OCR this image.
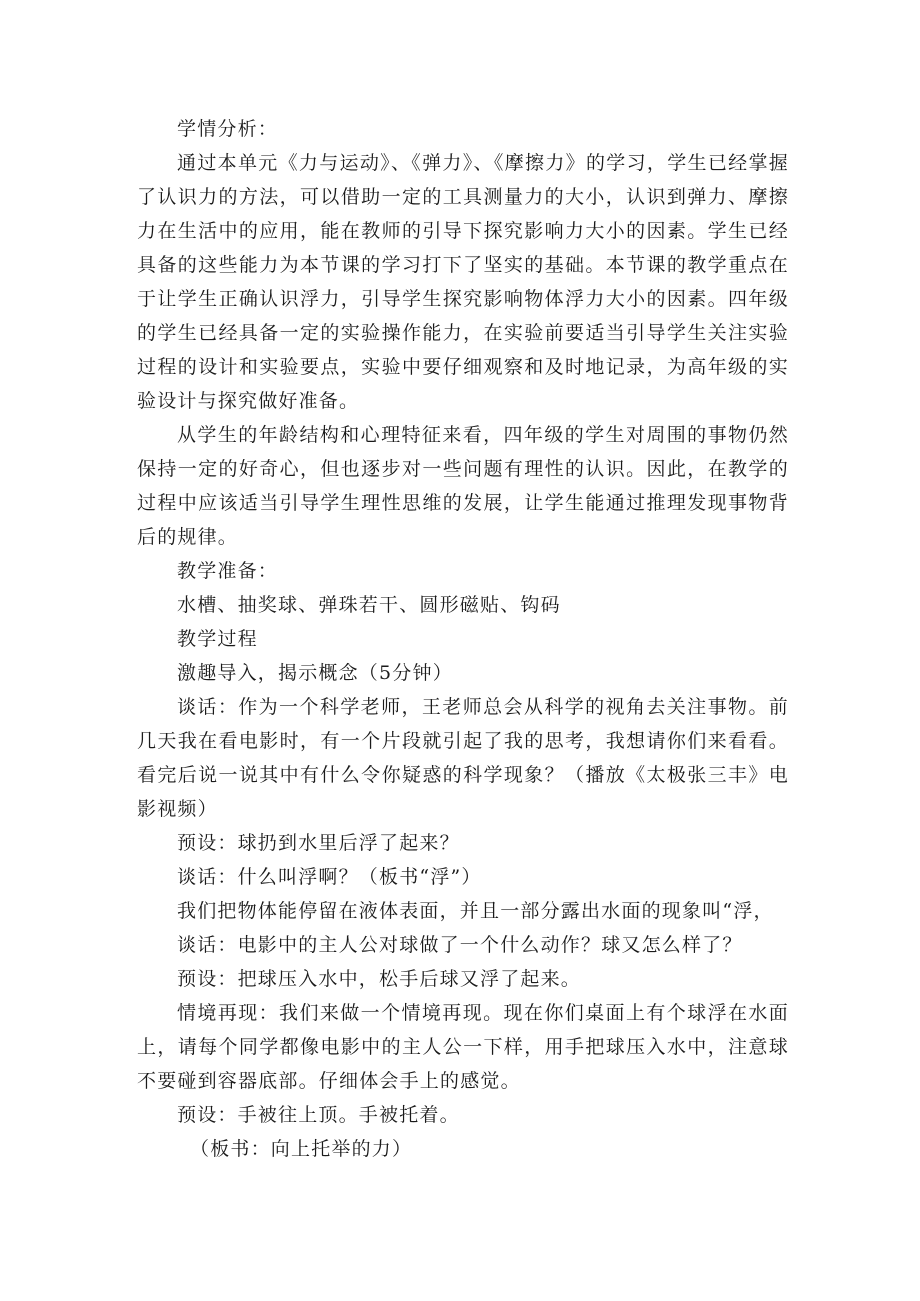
学情分析：

通过本单元《力与运动》、《弹力》、《摩擦力》的学习，学生已经掌握了认识力的方法，可以借助一定的工具测量力的大小，认识到弹力、摩擦力在生活中的应用，能在教师的引导下探究影响力大小的因素。学生已经具备的这些能力为本节课的学习打下了坚实的基础。本节课的教学重点在于让学生正确认识浮力，引导学生探究影响物体浮力大小的因素。四年级的学生已经具备一定的实验操作能力，在实验前要适当引导学生关注实验过程的设计和实验要点，实验中要仔细观察和及时地记录，为高年级的实验设计与探究做好准备。

从学生的年龄结构和心理特征来看，四年级的学生对周围的事物仍然保持一定的好奇心，但也逐步对一些问题有理性的认识。因此，在教学的过程中应该适当引导学生理性思维的发展，让学生能通过推理发现事物背后的规律。

教学准备：

水槽、抽奖球、弹珠若干、圆形磁贴、钩码

教学过程

激趣导入，揭示概念（5分钟）

谈话：作为一个科学老师，王老师总会从科学的视角去关注事物。前几天我在看电影时，有一个片段就引起了我的思考，我想请你们来看看。看完后说一说其中有什么令你疑惑的科学现象？（播放《太极张三丰》电影视频）

预设：球扔到水里后浮了起来？

谈话：什么叫浮啊？（板书“浮”）

我们把物体能停留在液体表面，并且一部分露出水面的现象叫“浮，

谈话：电影中的主人公对球做了一个什么动作？球又怎么样了？

预设：把球压入水中，松手后球又浮了起来。

情境再现：我们来做一个情境再现。现在你们桌面上有个球浮在水面上，请每个同学都像电影中的主人公一下样，用手把球压入水中，注意球不要碰到容器底部。仔细体会手上的感觉。

预设：手被往上顶。手被托着。

（板书：向上托举的力）
